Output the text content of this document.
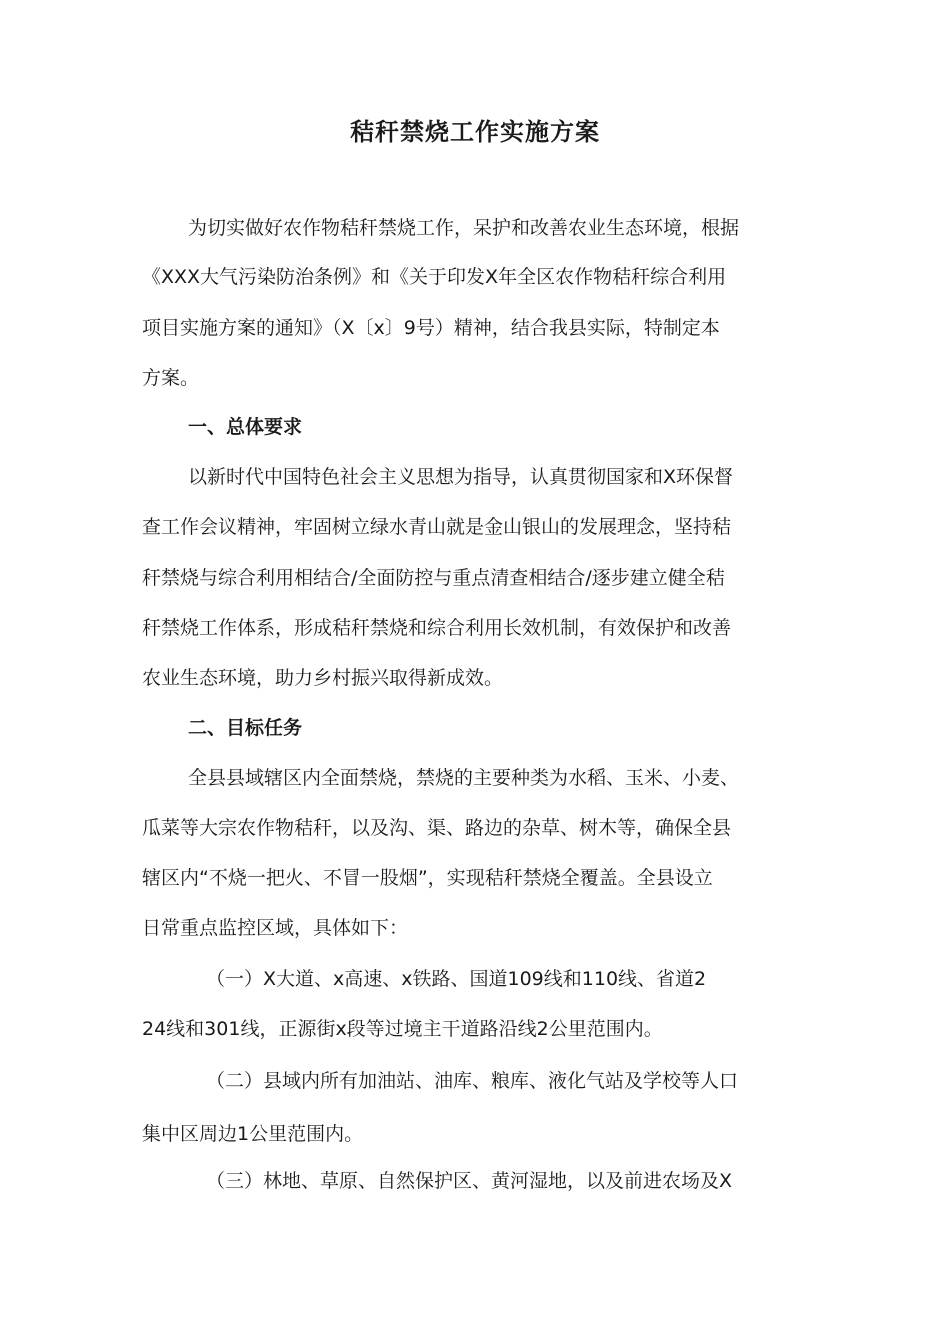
秸秆禁烧工作实施方案
为切实做好农作物秸秆禁烧工作，呆护和改善农业生态环境，根据
《XXX大气污染防治条例》和《关于印发X年全区农作物秸秆综合利用
项目实施方案的通知》（X〔x〕9号）精神，结合我县实际，特制定本
方案。
一、总体要求
以新时代中国特色社会主义思想为指导，认真贯彻国家和X环保督
查工作会议精神，牢固树立绿水青山就是金山银山的发展理念，坚持秸
秆禁烧与综合利用相结合/全面防控与重点清查相结合/逐步建立健全秸
秆禁烧工作体系，形成秸秆禁烧和综合利用长效机制，有效保护和改善
农业生态环境，助力乡村振兴取得新成效。
二、目标任务
全县县域辖区内全面禁烧，禁烧的主要种类为水稻、玉米、小麦、
瓜菜等大宗农作物秸秆，以及沟、渠、路边的杂草、树木等，确保全县
辖区内“不烧一把火、不冒一股烟”，实现秸秆禁烧全覆盖。全县设立
日常重点监控区域，具体如下：
（一）X大道、x高速、x铁路、国道109线和110线、省道2
24线和301线，正源街x段等过境主干道路沿线2公里范围内。
（二）县域内所有加油站、油库、粮库、液化气站及学校等人口
集中区周边1公里范围内。
（三）林地、草原、自然保护区、黄河湿地，以及前进农场及X
